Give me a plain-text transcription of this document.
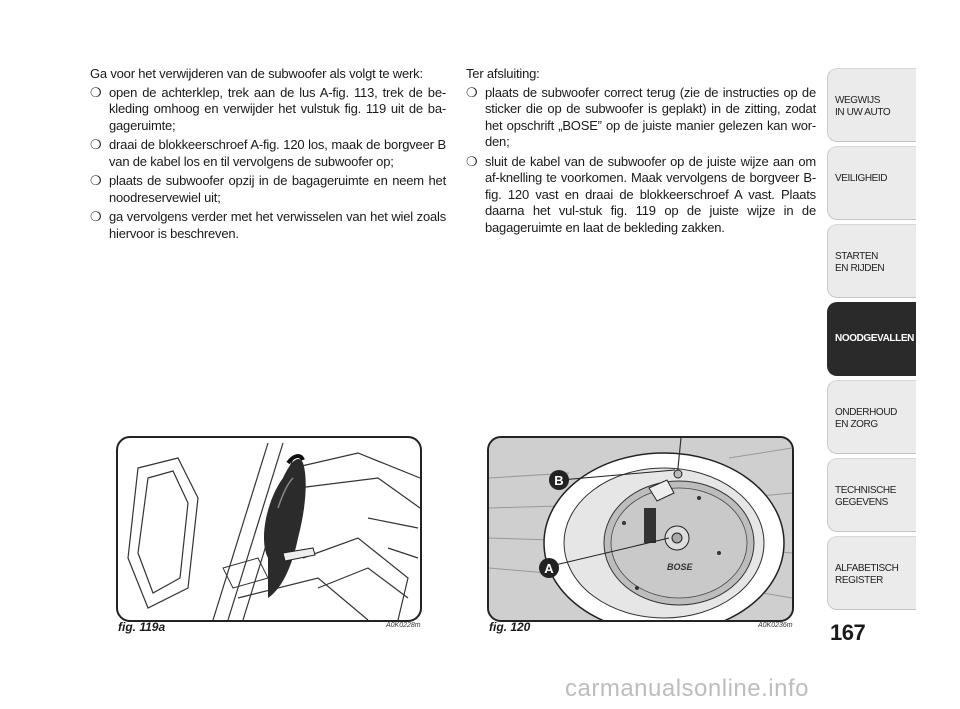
Ga voor het verwijderen van de subwoofer als volgt te werk:

❍ open de achterklep, trek aan de lus A-fig. 113, trek de be-kleding omhoog en verwijder het vulstuk fig. 119 uit de ba-gageruimte;
❍ draai de blokkeerschroef A-fig. 120 los, maak de borgveer B van de kabel los en til vervolgens de subwoofer op;
❍ plaats de subwoofer opzij in de bagageruimte en neem het noodreservewiel uit;
❍ ga vervolgens verder met het verwisselen van het wiel zoals hiervoor is beschreven.

Ter afsluiting:

❍ plaats de subwoofer correct terug (zie de instructies op de sticker die op de subwoofer is geplakt) in de zitting, zodat het opschrift „BOSE” op de juiste manier gelezen kan wor-den;
❍ sluit de kabel van de subwoofer op de juiste wijze aan om af-knelling te voorkomen. Maak vervolgens de borgveer B-fig. 120 vast en draai de blokkeerschroef A vast. Plaats daarna het vul-stuk fig. 119 op de juiste wijze in de bagageruimte en laat de bekleding zakken.
fig. 119a	A0K0228m
BOSE
B
A
fig. 120	A0K0236m 167
WEGWIJS
IN UW AUTO
VEILIGHEID
STARTEN
EN RIJDEN
NOODGEVALLEN
ONDERHOUD
EN ZORG
TECHNISCHE
GEGEVENS
ALFABETISCH
REGISTER
carmanualsonline.info
